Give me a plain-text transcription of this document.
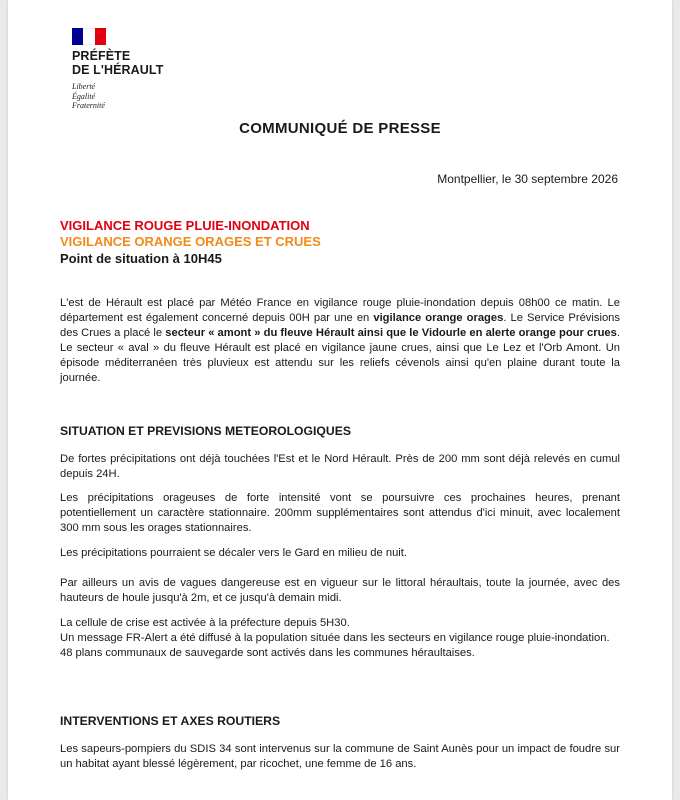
PRÉFÈTE
DE L'HÉRAULT
Liberté
Égalité
Fraternité
COMMUNIQUÉ DE PRESSE
Montpellier, le 30 septembre 2026
VIGILANCE ROUGE PLUIE-INONDATION
VIGILANCE ORANGE ORAGES ET CRUES
Point de situation à 10H45
L'est de Hérault est placé par Météo France en vigilance rouge pluie-inondation depuis 08h00 ce matin. Le département est également concerné depuis 00H par une en vigilance orange orages. Le Service Prévisions des Crues a placé le secteur « amont » du fleuve Hérault ainsi que le Vidourle en alerte orange pour crues. Le secteur « aval » du fleuve Hérault est placé en vigilance jaune crues, ainsi que Le Lez et l'Orb Amont. Un épisode méditerranéen très pluvieux est attendu sur les reliefs cévenols ainsi qu'en plaine durant toute la journée.
SITUATION ET PREVISIONS METEOROLOGIQUES
De fortes précipitations ont déjà touchées l'Est et le Nord Hérault. Près de 200 mm sont déjà relevés en cumul depuis 24H.
Les précipitations orageuses de forte intensité vont se poursuivre ces prochaines heures, prenant potentiellement un caractère stationnaire. 200mm supplémentaires sont attendus d'ici minuit, avec localement 300 mm sous les orages stationnaires.
Les précipitations pourraient se décaler vers le Gard en milieu de nuit.
Par ailleurs un avis de vagues dangereuse est en vigueur sur le littoral héraultais, toute la journée, avec des hauteurs de houle jusqu'à 2m, et ce jusqu'à demain midi.
La cellule de crise est activée à la préfecture depuis 5H30.
Un message FR-Alert a été diffusé à la population située dans les secteurs en vigilance rouge pluie-inondation.
48 plans communaux de sauvegarde sont activés dans les communes héraultaises.
INTERVENTIONS ET AXES ROUTIERS
Les sapeurs-pompiers du SDIS 34 sont intervenus sur la commune de Saint Aunès pour un impact de foudre sur un habitat ayant blessé légèrement, par ricochet, une femme de 16 ans.
